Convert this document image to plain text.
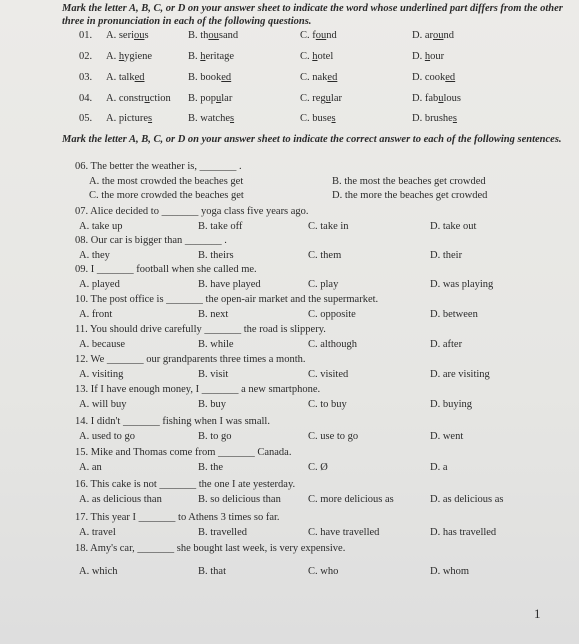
Mark the letter A, B, C, or D on your answer sheet to indicate the word whose underlined part differs from the other three in pronunciation in each of the following questions.
01. A. serious	B. thousand	C. found	D. around
02. A. hygiene	B. heritage	C. hotel	D. hour
03. A. talked	B. booked	C. naked	D. cooked
04. A. construction B. popular	C. regular	D. fabulous
05. A. pictures	B. watches	C. buses	D. brushes
Mark the letter A, B, C, or D on your answer sheet to indicate the correct answer to each of the following sentences.
06. The better the weather is, _______ .
A. the most crowded the beaches get	B. the most the beaches get crowded
C. the more crowded the beaches get	D. the more the beaches get crowded
07. Alice decided to _______ yoga class five years ago.
A. take up	B. take off	C. take in	D. take out
08. Our car is bigger than _______ .
A. they	B. theirs	C. them	D. their
09. I _______ football when she called me.
A. played	B. have played	C. play	D. was playing
10. The post office is _______ the open-air market and the supermarket.
A. front	B. next	C. opposite	D. between
11. You should drive carefully _______ the road is slippery.
A. because	B. while	C. although	D. after
12. We _______ our grandparents three times a month.
A. visiting	B. visit	C. visited	D. are visiting
13. If I have enough money, I _______ a new smartphone.
A. will buy	B. buy	C. to buy	D. buying
14. I didn't _______ fishing when I was small.
A. used to go	B. to go	C. use to go	D. went
15. Mike and Thomas come from _______ Canada.
A. an	B. the	C. Ø	D. a
16. This cake is not _______ the one I ate yesterday.
A. as delicious than	B. so delicious than	C. more delicious as	D. as delicious as
17. This year I _______ to Athens 3 times so far.
A. travel	B. travelled	C. have travelled	D. has travelled
18. Amy's car, _______ she bought last week, is very expensive.
A. which	B. that	C. who	D. whom
1
